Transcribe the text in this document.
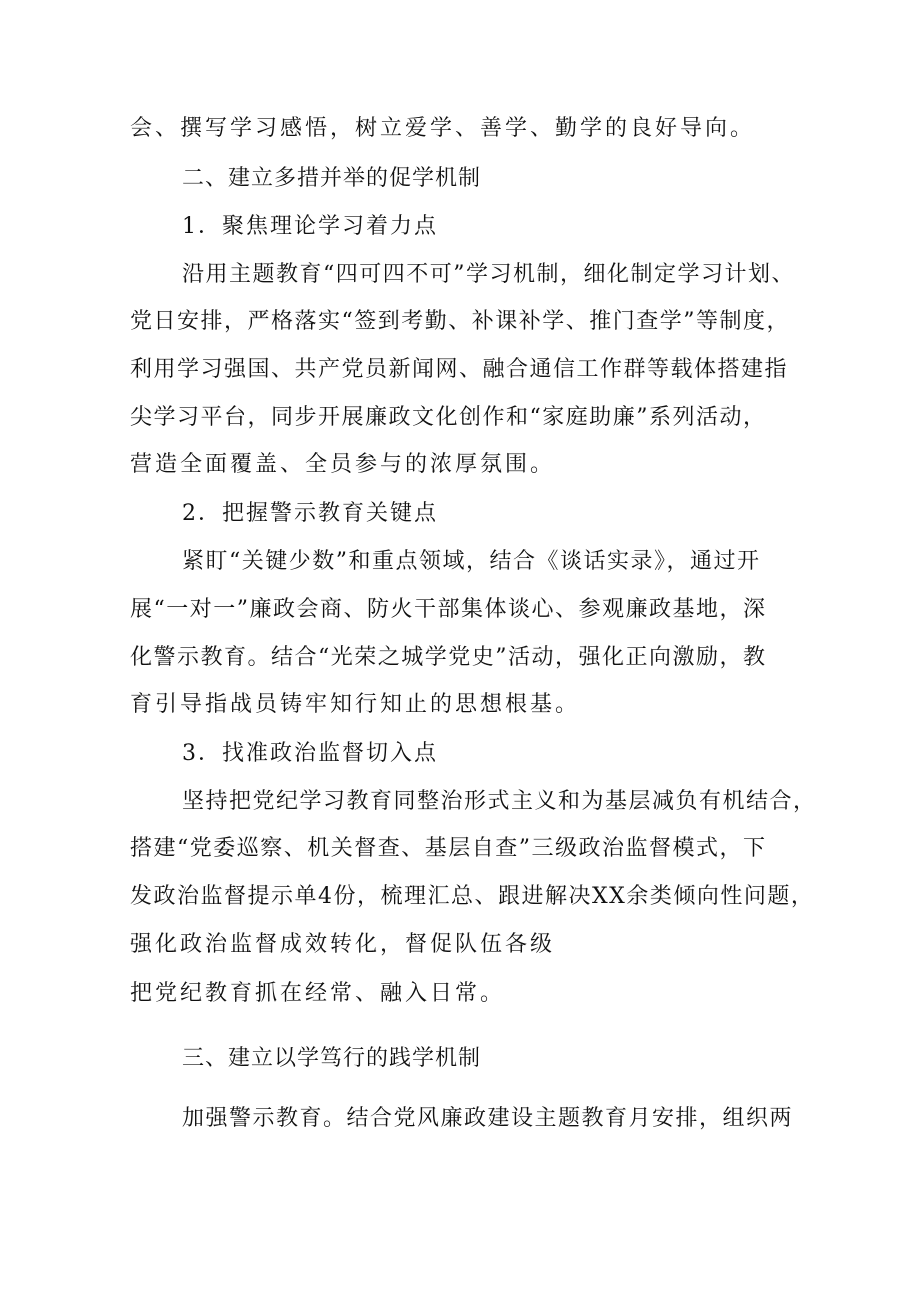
会、撰写学习感悟，树立爱学、善学、勤学的良好导向。
二、建立多措并举的促学机制
1．聚焦理论学习着力点
沿用主题教育“四可四不可”学习机制，细化制定学习计划、
党日安排，严格落实“签到考勤、补课补学、推门查学”等制度，
利用学习强国、共产党员新闻网、融合通信工作群等载体搭建指
尖学习平台，同步开展廉政文化创作和“家庭助廉”系列活动，
营造全面覆盖、全员参与的浓厚氛围。
2．把握警示教育关键点
紧盯“关键少数”和重点领域，结合《谈话实录》，通过开
展“一对一”廉政会商、防火干部集体谈心、参观廉政基地，深
化警示教育。结合“光荣之城学党史”活动，强化正向激励，教
育引导指战员铸牢知行知止的思想根基。
3．找准政治监督切入点
坚持把党纪学习教育同整治形式主义和为基层减负有机结合，
搭建“党委巡察、机关督查、基层自查”三级政治监督模式，下
发政治监督提示单4份，梳理汇总、跟进解决XX余类倾向性问题，
强化政治监督成效转化，督促队伍各级
把党纪教育抓在经常、融入日常。
三、建立以学笃行的践学机制
加强警示教育。结合党风廉政建设主题教育月安排，组织两
